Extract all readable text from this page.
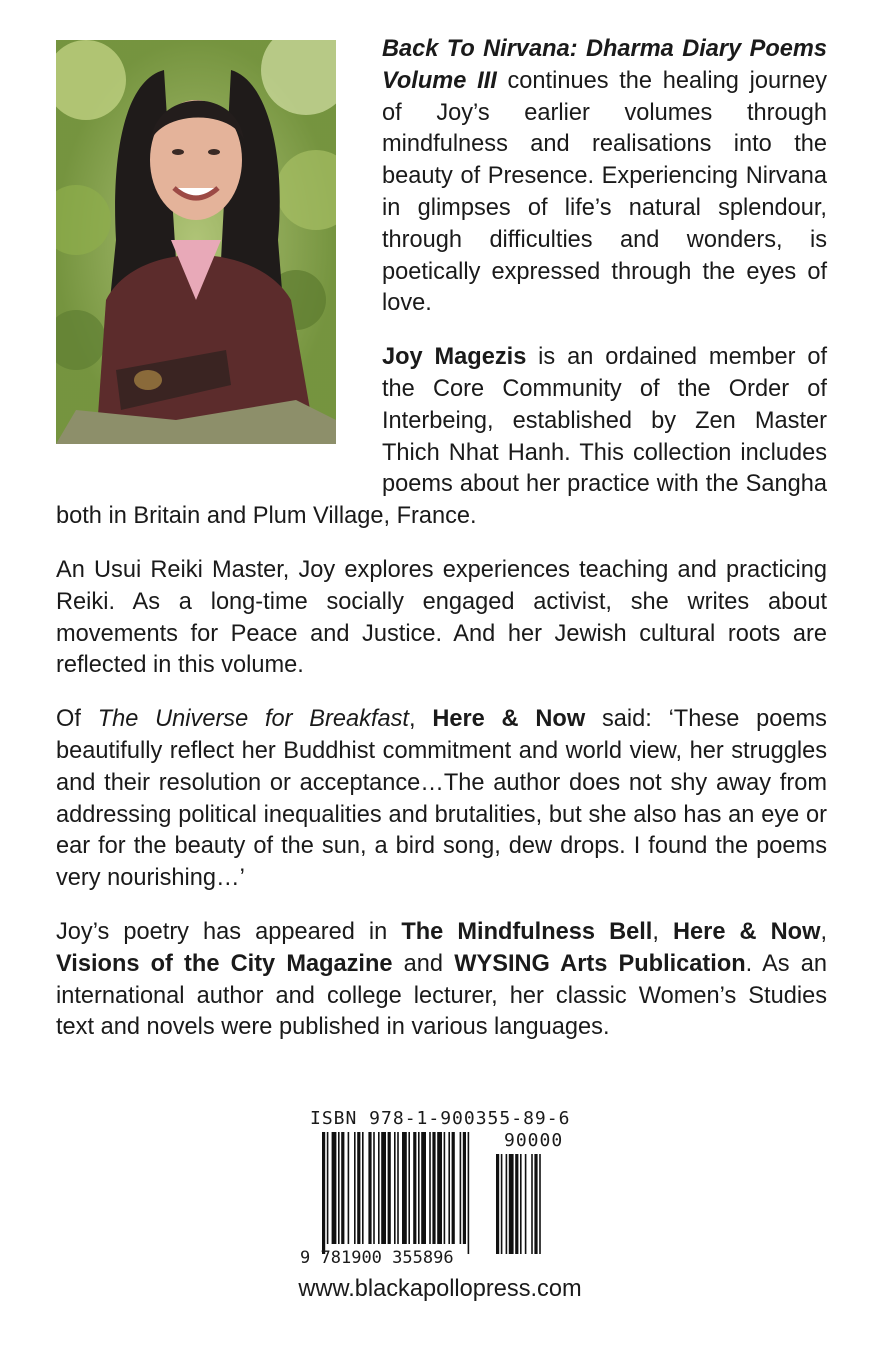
Back To Nirvana: Dharma Diary Poems Volume III continues the healing journey of Joy’s earlier volumes through mindfulness and realisations into the beauty of Presence. Experiencing Nirvana in glimpses of life’s natural splendour, through difficulties and wonders, is poetically expressed through the eyes of love.

Joy Magezis is an ordained member of the Core Community of the Order of Interbeing, established by Zen Master Thich Nhat Hanh. This collection includes poems about her practice with the Sangha both in Britain and Plum Village, France.

An Usui Reiki Master, Joy explores experiences teaching and practicing Reiki. As a long-time socially engaged activist, she writes about movements for Peace and Justice. And her Jewish cultural roots are reflected in this volume.

Of The Universe for Breakfast, Here & Now said: ‘These poems beautifully reflect her Buddhist commitment and world view, her struggles and their resolution or acceptance…The author does not shy away from addressing political inequalities and brutalities, but she also has an eye or ear for the beauty of the sun, a bird song, dew drops. I found the poems very nourishing…’

Joy’s poetry has appeared in The Mindfulness Bell, Here & Now, Visions of the City Magazine and WYSING Arts Publication. As an international author and college lecturer, her classic Women’s Studies text and novels were published in various languages.

ISBN 978-1-900355-89-6
90000
9 781900 355896
www.blackapollopress.com
